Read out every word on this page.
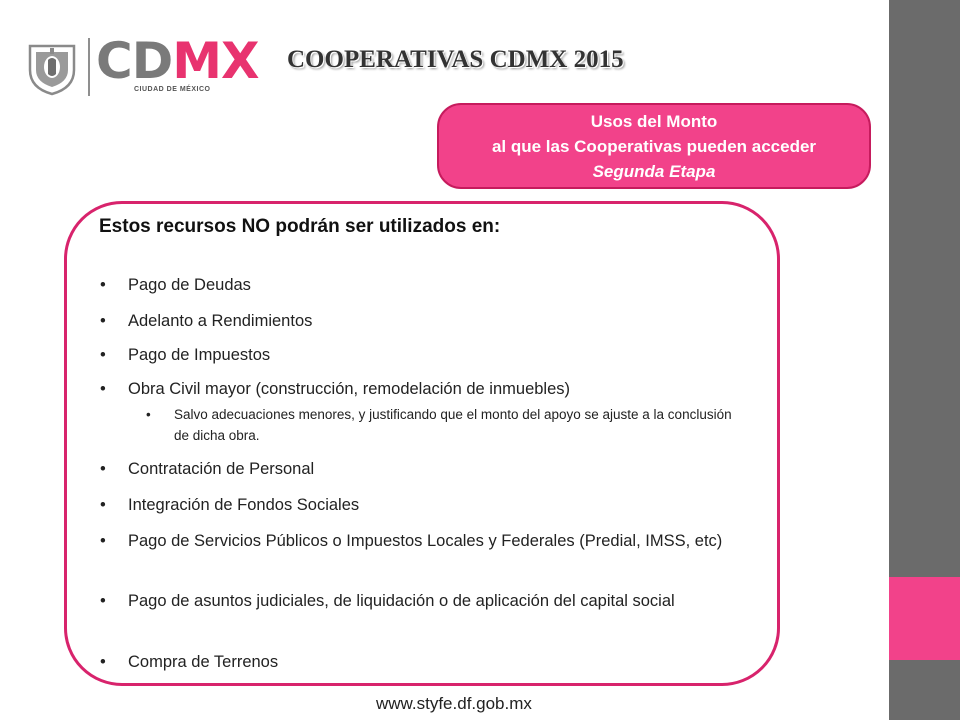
CDMX
CIUDAD DE MÉXICO
COOPERATIVAS CDMX 2015
Usos del Monto
al que las Cooperativas pueden acceder
Segunda Etapa
Estos recursos NO podrán ser utilizados en:
• Pago de Deudas
• Adelanto a Rendimientos
• Pago de Impuestos
• Obra Civil mayor (construcción, remodelación de inmuebles)
• Salvo adecuaciones menores, y justificando que el monto del apoyo se ajuste a la conclusión de dicha obra.
• Contratación de Personal
• Integración de Fondos Sociales
• Pago de Servicios Públicos o Impuestos Locales y Federales (Predial, IMSS, etc)
• Pago de asuntos judiciales, de liquidación o de aplicación del capital social
• Compra de Terrenos
www.styfe.df.gob.mx
